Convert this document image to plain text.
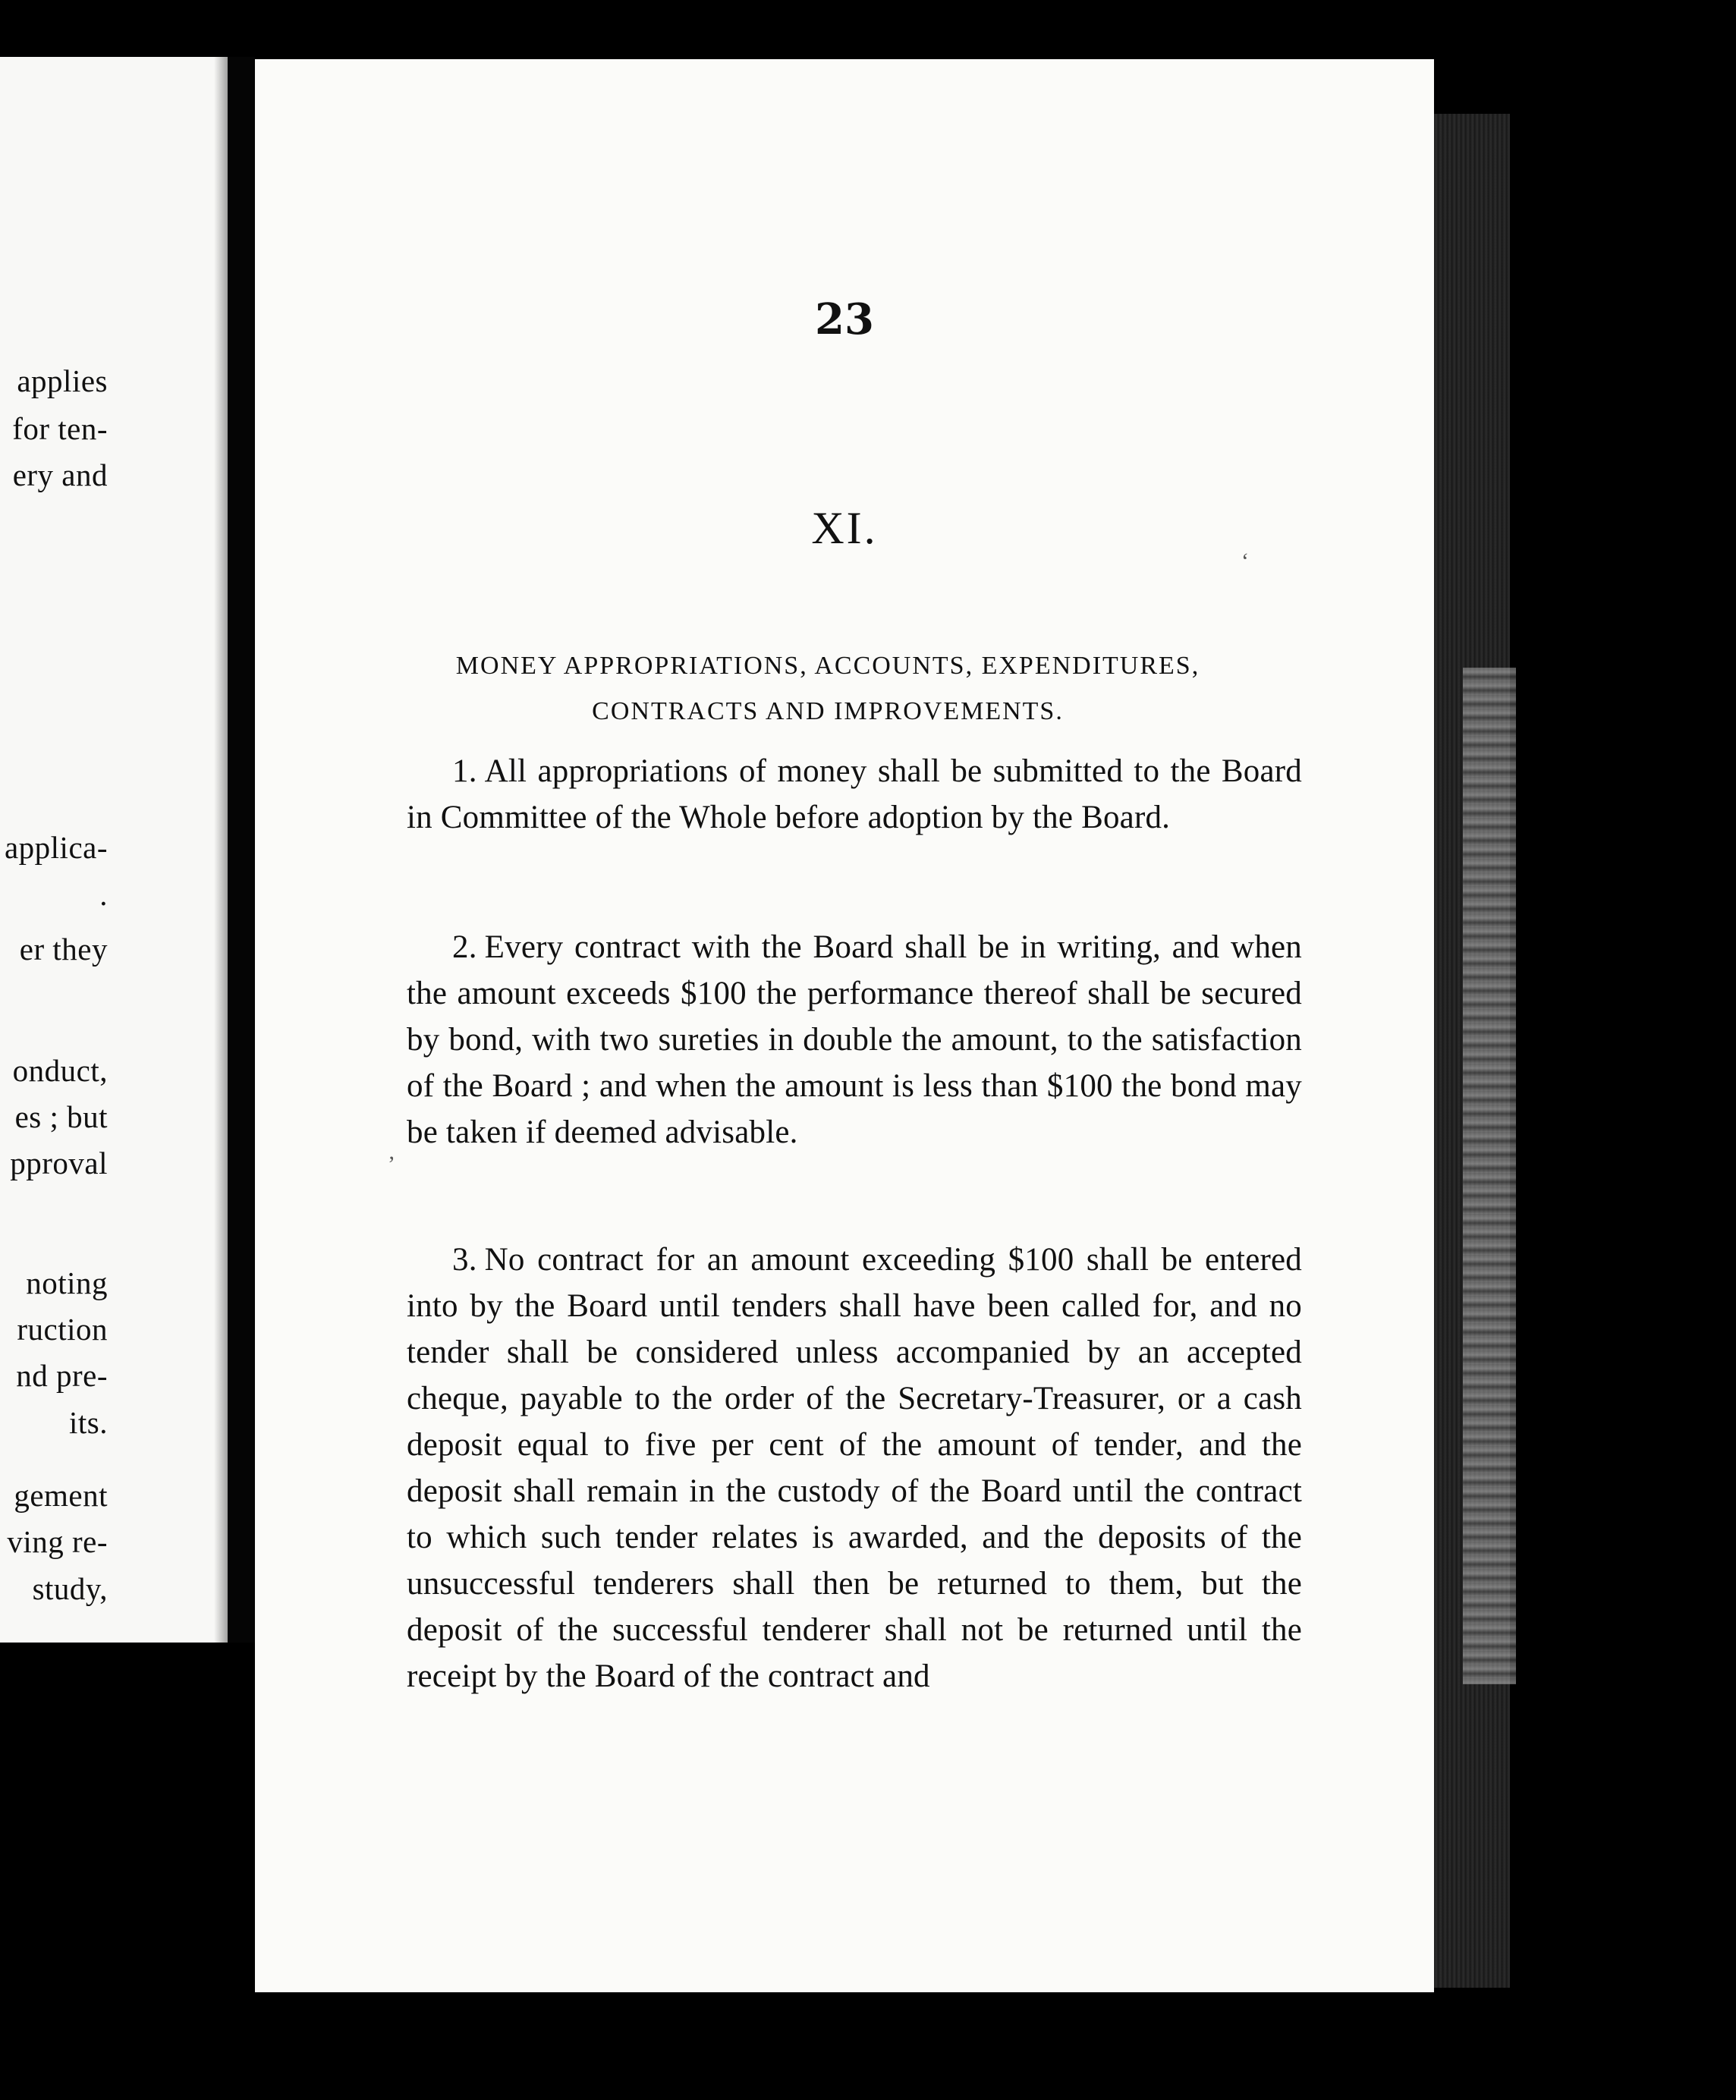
applies
for ten-
ery and
applica-
.
er they
onduct,
es ; but
pproval
noting
ruction
nd pre-
its.
gement
ving re-
study,
23
XI.
MONEY APPROPRIATIONS, ACCOUNTS, EXPENDITURES,
CONTRACTS AND IMPROVEMENTS.
1. All appropriations of money shall be submitted to the Board in Committee of the Whole before adoption by the Board.
2. Every contract with the Board shall be in writing, and when the amount exceeds $100 the performance thereof shall be secured by bond, with two sureties in double the amount, to the satisfaction of the Board ; and when the amount is less than $100 the bond may be taken if deemed advisable.
3. No contract for an amount exceeding $100 shall be entered into by the Board until tenders shall have been called for, and no tender shall be considered unless accompanied by an accepted cheque, payable to the order of the Secretary-Treasurer, or a cash deposit equal to five per cent of the amount of tender, and the deposit shall remain in the custody of the Board until the contract to which such tender relates is awarded, and the deposits of the unsuccessful tenderers shall then be returned to them, but the deposit of the successful tenderer shall not be returned until the receipt by the Board of the contract and
‘
’
